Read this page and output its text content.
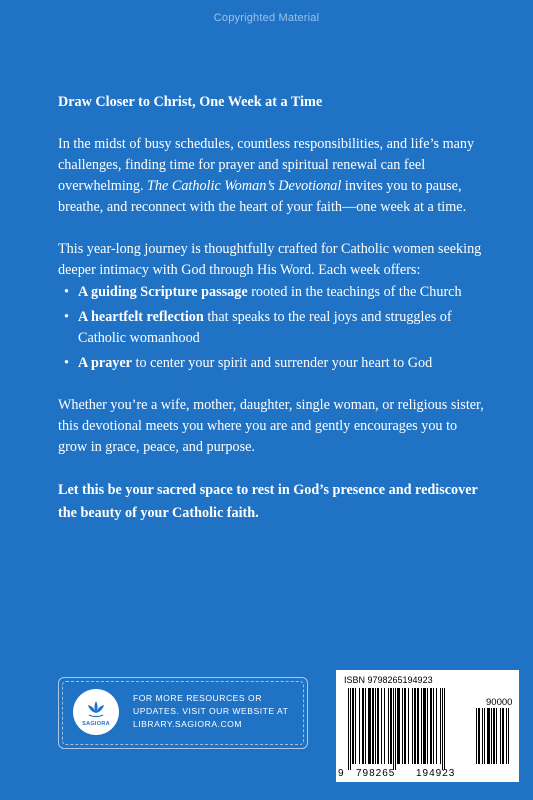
Copyrighted Material
Draw Closer to Christ, One Week at a Time

In the midst of busy schedules, countless responsibilities, and life’s many challenges, finding time for prayer and spiritual renewal can feel overwhelming. The Catholic Woman’s Devotional invites you to pause, breathe, and reconnect with the heart of your faith—one week at a time.

This year-long journey is thoughtfully crafted for Catholic women seeking deeper intimacy with God through His Word. Each week offers:

• A guiding Scripture passage rooted in the teachings of the Church
• A heartfelt reflection that speaks to the real joys and struggles of Catholic womanhood
• A prayer to center your spirit and surrender your heart to God

Whether you’re a wife, mother, daughter, single woman, or religious sister, this devotional meets you where you are and gently encourages you to grow in grace, peace, and purpose.

Let this be your sacred space to rest in God’s presence and rediscover the beauty of your Catholic faith.

SAGIORA
FOR MORE RESOURCES OR UPDATES. VISIT OUR WEBSITE AT LIBRARY.SAGIORA.COM
ISBN 9798265194923
90000
9 798265 194923
